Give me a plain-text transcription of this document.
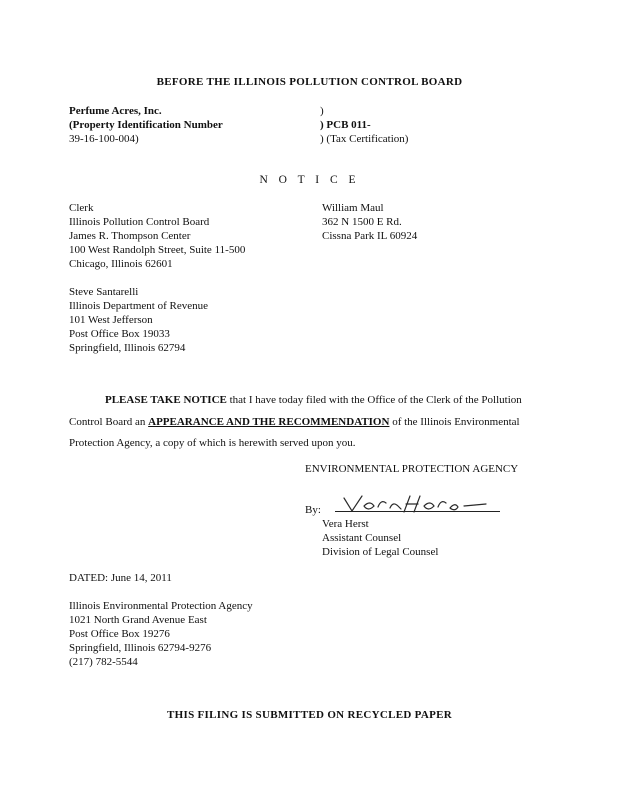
BEFORE THE ILLINOIS POLLUTION CONTROL BOARD
Perfume Acres, Inc.
(Property Identification Number
39-16-100-004)
)
) PCB 011-
) (Tax Certification)
N O T I C E
Clerk
Illinois Pollution Control Board
James R. Thompson Center
100 West Randolph Street, Suite 11-500
Chicago, Illinois 62601
William Maul
362 N 1500 E Rd.
Cissna Park IL 60924
Steve Santarelli
Illinois Department of Revenue
101 West Jefferson
Post Office Box 19033
Springfield, Illinois 62794
PLEASE TAKE NOTICE that I have today filed with the Office of the Clerk of the Pollution Control Board an APPEARANCE AND THE RECOMMENDATION of the Illinois Environmental Protection Agency, a copy of which is herewith served upon you.
ENVIRONMENTAL PROTECTION AGENCY
By:
Vera Herst
Assistant Counsel
Division of Legal Counsel
DATED: June 14, 2011
Illinois Environmental Protection Agency
1021 North Grand Avenue East
Post Office Box 19276
Springfield, Illinois 62794-9276
(217) 782-5544
THIS FILING IS SUBMITTED ON RECYCLED PAPER
